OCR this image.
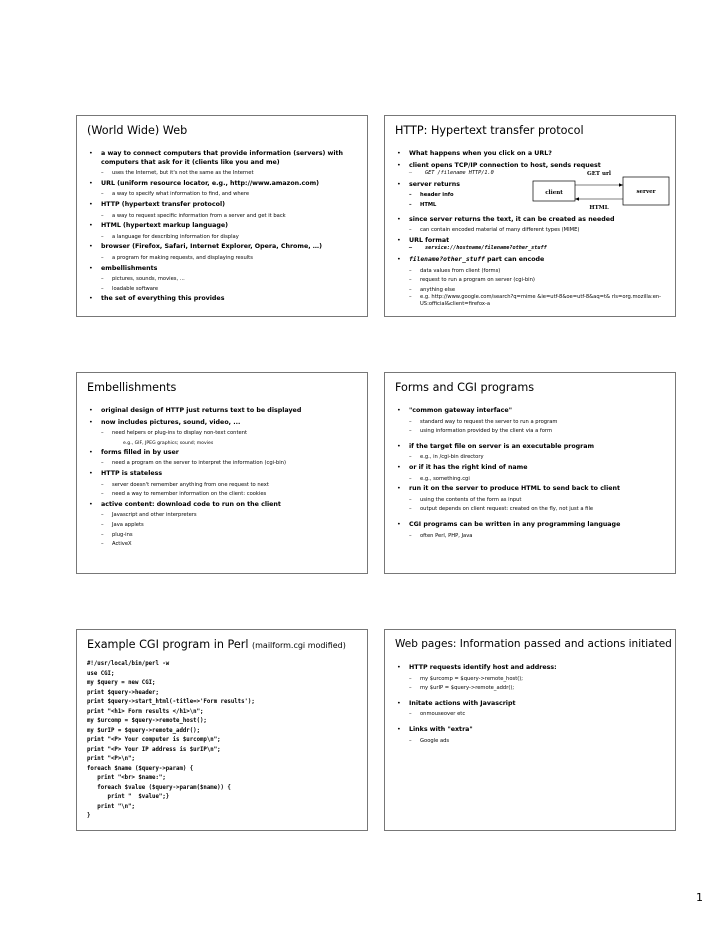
(World Wide) Web
• a way to connect computers that provide information (servers) with computers that ask for it (clients like you and me)
– uses the Internet, but it's not the same as the Internet
• URL (uniform resource locator, e.g., http://www.amazon.com)
– a way to specify what information to find, and where
• HTTP (hypertext transfer protocol)
– a way to request specific information from a server and get it back
• HTML (hypertext markup language)
– a language for describing information for display
• browser (Firefox, Safari, Internet Explorer, Opera, Chrome, …)
– a program for making requests, and displaying results
• embellishments
– pictures, sounds, movies, ...
– loadable software
• the set of everything this provides
HTTP: Hypertext transfer protocol
• What happens when you click on a URL?
• client opens TCP/IP connection to host, sends request
– GET /filename HTTP/1.0
• server returns
– header info
– HTML
• since server returns the text, it can be created as needed
– can contain encoded material of many different types (MIME)
• URL format
– service://hostname/filename?other_stuff
• filename?other_stuff part can encode
– data values from client (forms)
– request to run a program on server (cgi-bin)
– anything else
– e.g. http://www.google.com/search?q=mime &ie=utf-8&oe=utf-8&aq=t& rls=org.mozilla:en-US:official&client=firefox-a
client	server
GET url
HTML
Embellishments
• original design of HTTP just returns text to be displayed
• now includes pictures, sound, video, ...
– need helpers or plug-ins to display non-text content
e.g., GIF, JPEG graphics; sound; movies
• forms filled in by user
– need a program on the server to interpret the information (cgi-bin)
• HTTP is stateless
– server doesn't remember anything from one request to next
– need a way to remember information on the client: cookies
• active content: download code to run on the client
– Javascript and other interpreters
– Java applets
– plug-ins
– ActiveX
Forms and CGI programs
• "common gateway interface"
– standard way to request the server to run a program
– using information provided by the client via a form
• if the target file on server is an executable program
– e.g., in /cgi-bin directory
• or if it has the right kind of name
– e.g., something.cgi
• run it on the server to produce HTML to send back to client
– using the contents of the form as input
– output depends on client request: created on the fly, not just a file
• CGI programs can be written in any programming language
– often Perl, PHP, Java
Example CGI program in Perl (mailform.cgi modified)
#!/usr/local/bin/perl -w
use CGI;
my $query = new CGI;
print $query->header;
print $query->start_html(-title=>'Form results');
print "<h1> Form results </h1>\n";
my $urcomp = $query->remote_host();
my $urIP = $query->remote_addr();
print "<P> Your computer is $urcomp\n";
print "<P> Your IP address is $urIP\n";
print "<P>\n";
foreach $name ($query->param) {
print "<br> $name:";
foreach $value ($query->param($name)) {
print "  $value";}
print "\n";
}
Web pages: Information passed and actions initiated
• HTTP requests identify host and address:
– my $urcomp = $query->remote_host();
– my $urIP = $query->remote_addr();
• Initate actions with Javascript
– onmouseover etc
• Links with "extra"
– Google ads
1
